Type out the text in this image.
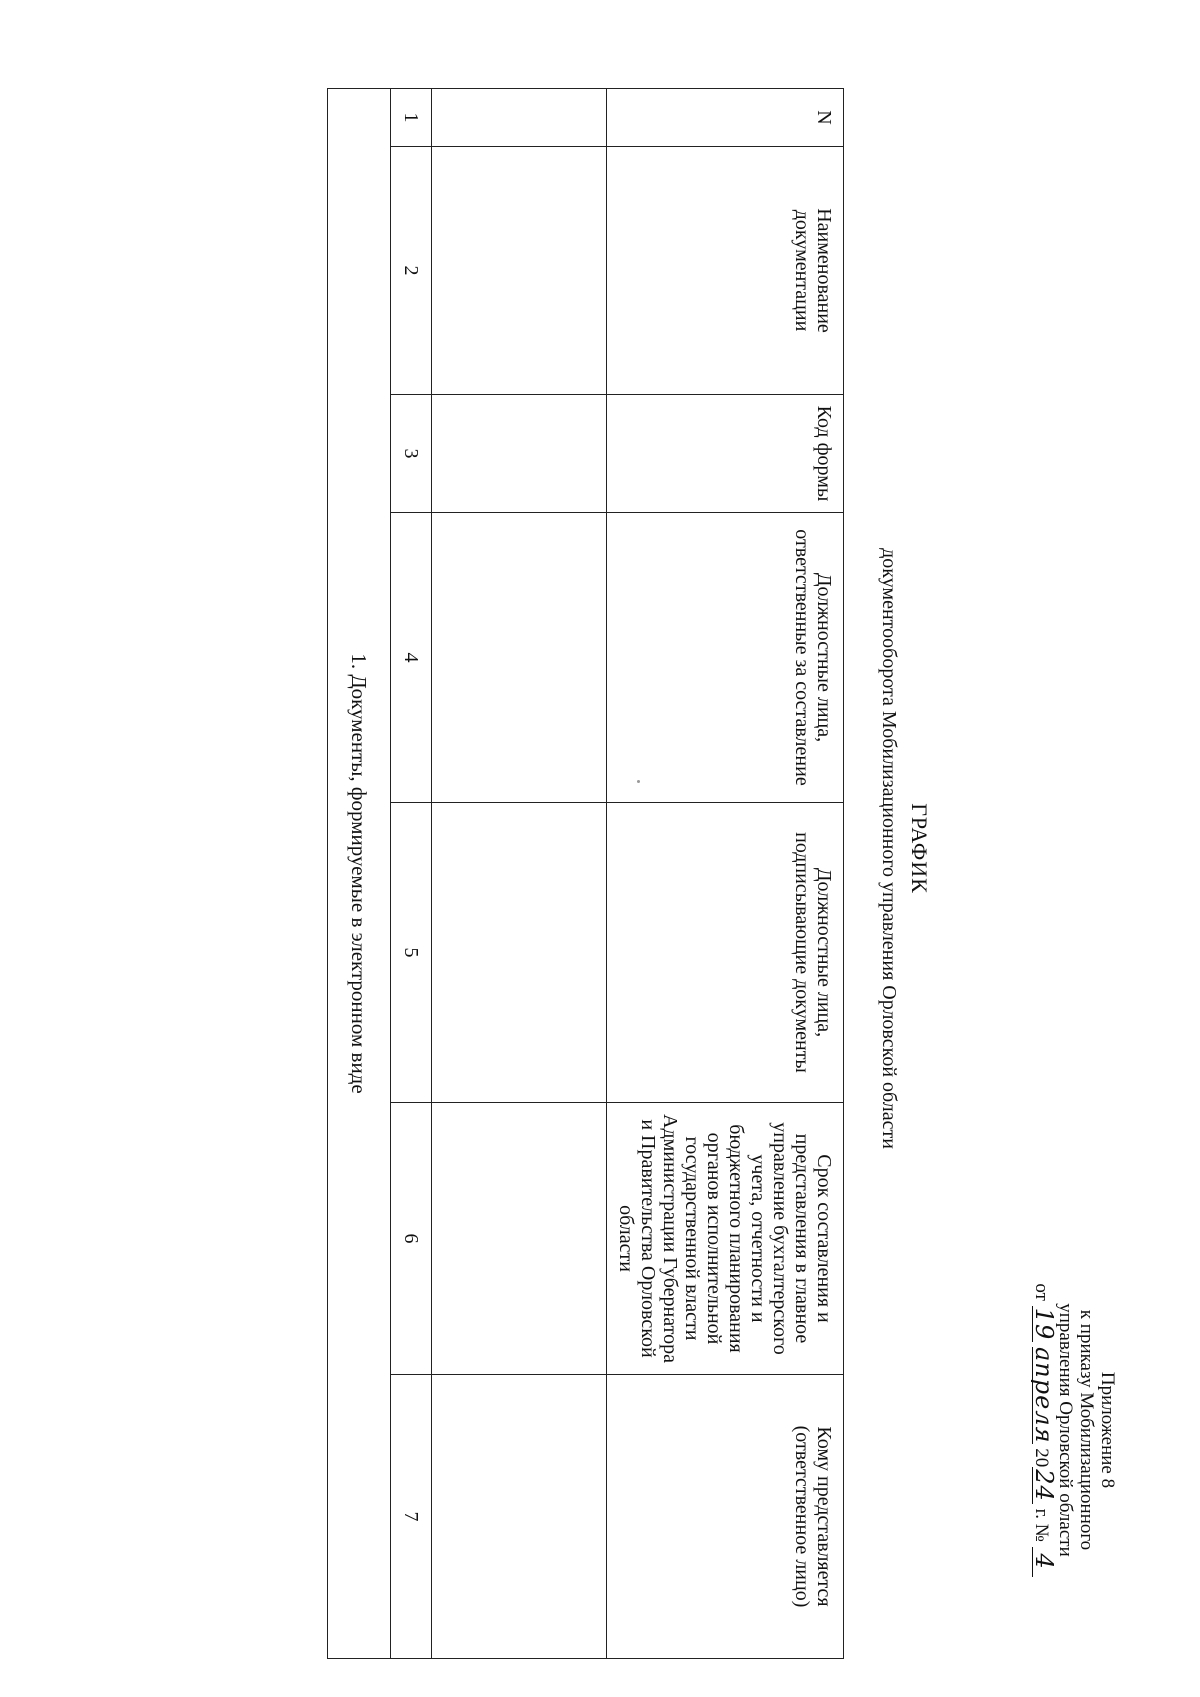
Приложение 8
к приказу Мобилизационного
управления Орловской области
от 19 апреля 2024 г. № 4
ГРАФИК
документооборота Мобилизационного управления Орловской области
N	Наименование документации	Код формы	Должностные лица, ответственные за составление	Должностные лица, подписывающие документы	Срок составления и представления в главное управление бухгалтерского учета, отчетности и бюджетного планирования органов исполнительной государственной власти Администрации Губернатора и Правительства Орловской области	Кому представляется (ответственное лицо)

1	2	3	4	5	6	7
1. Документы, формируемые в электронном виде						
